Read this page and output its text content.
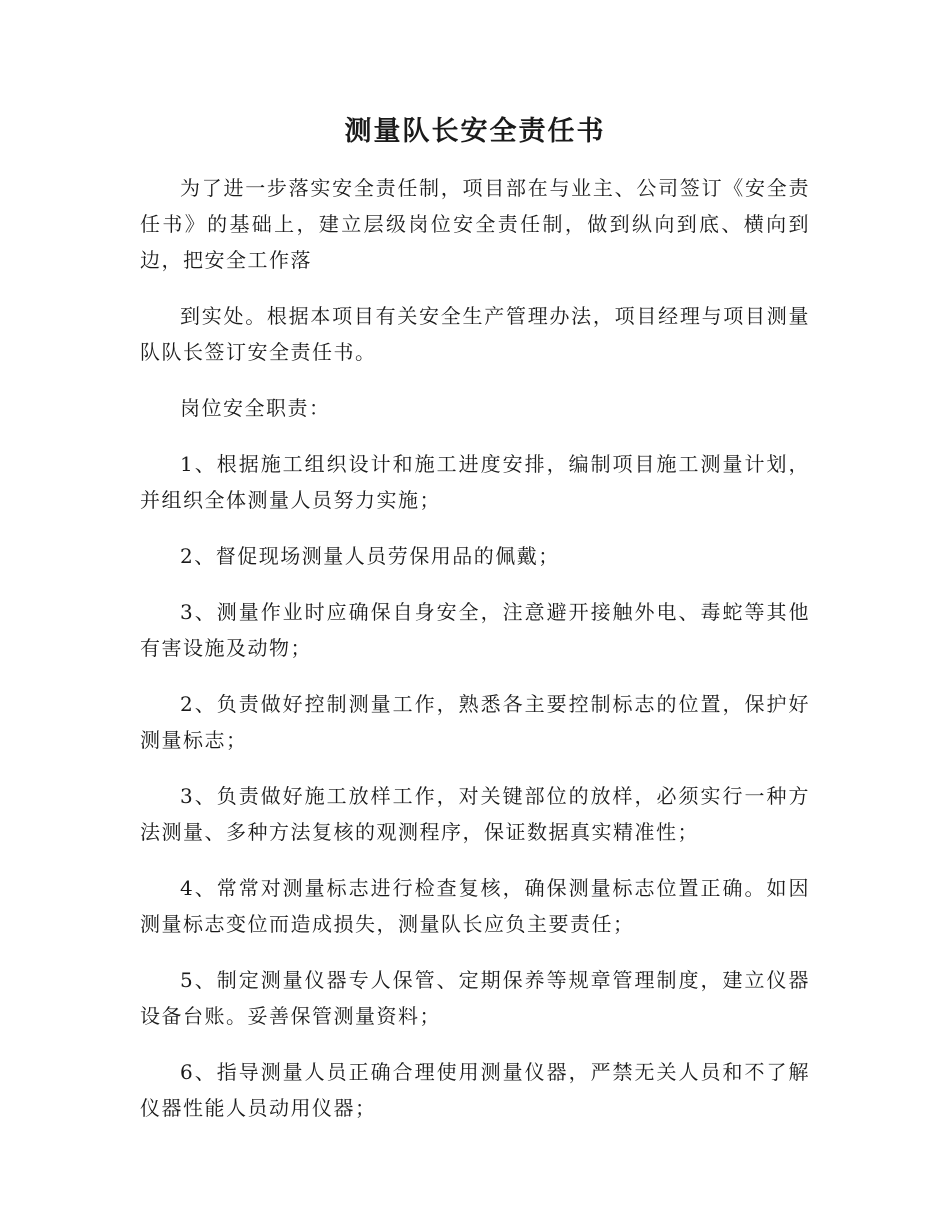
测量队长安全责任书

为了进一步落实安全责任制，项目部在与业主、公司签订《安全责任书》的基础上，建立层级岗位安全责任制，做到纵向到底、横向到边，把安全工作落

到实处。根据本项目有关安全生产管理办法，项目经理与项目测量队队长签订安全责任书。

岗位安全职责：

1、根据施工组织设计和施工进度安排，编制项目施工测量计划，并组织全体测量人员努力实施；

2、督促现场测量人员劳保用品的佩戴；

3、测量作业时应确保自身安全，注意避开接触外电、毒蛇等其他有害设施及动物；

2、负责做好控制测量工作，熟悉各主要控制标志的位置，保护好测量标志；

3、负责做好施工放样工作，对关键部位的放样，必须实行一种方法测量、多种方法复核的观测程序，保证数据真实精准性；

4、常常对测量标志进行检查复核，确保测量标志位置正确。如因测量标志变位而造成损失，测量队长应负主要责任；

5、制定测量仪器专人保管、定期保养等规章管理制度，建立仪器设备台账。妥善保管测量资料；

6、指导测量人员正确合理使用测量仪器，严禁无关人员和不了解仪器性能人员动用仪器；
